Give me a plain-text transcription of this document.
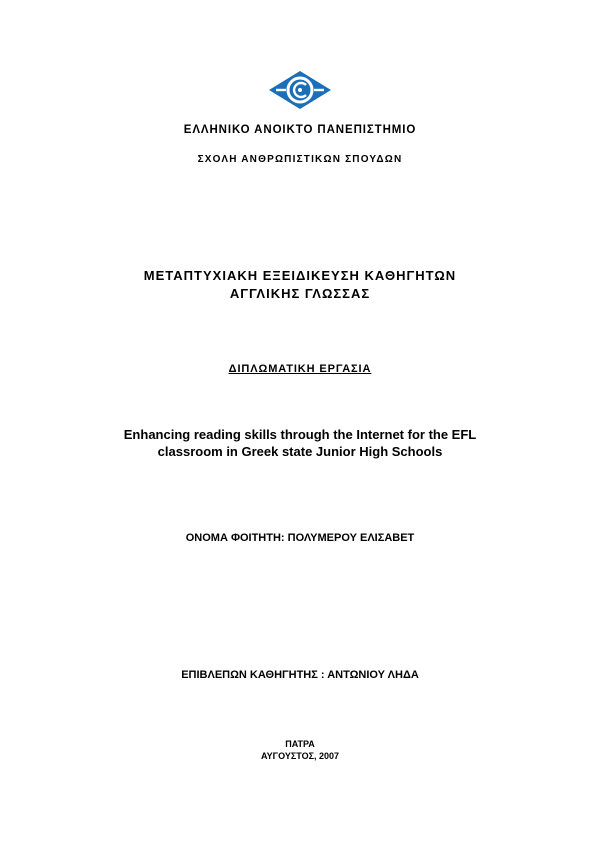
ΕΛΛΗΝΙΚΟ ΑΝΟΙΚΤΟ ΠΑΝΕΠΙΣΤΗΜΙΟ
ΣΧΟΛΗ ΑΝΘΡΩΠΙΣΤΙΚΩΝ ΣΠΟΥΔΩΝ
ΜΕΤΑΠΤΥΧΙΑΚΗ ΕΞΕΙΔΙΚΕΥΣΗ ΚΑΘΗΓΗΤΩΝ
ΑΓΓΛΙΚΗΣ ΓΛΩΣΣΑΣ
ΔΙΠΛΩΜΑΤΙΚΗ ΕΡΓΑΣΙΑ
Enhancing reading skills through the Internet for the EFL
classroom in Greek state Junior High Schools
ΟΝΟΜΑ ΦΟΙΤΗΤΗ: ΠΟΛΥΜΕΡΟΥ ΕΛΙΣΑΒΕΤ
ΕΠΙΒΛΕΠΩΝ ΚΑΘΗΓΗΤΗΣ : ΑΝΤΩΝΙΟΥ ΛΗΔΑ
ΠΑΤΡΑ
ΑΥΓΟΥΣΤΟΣ, 2007
